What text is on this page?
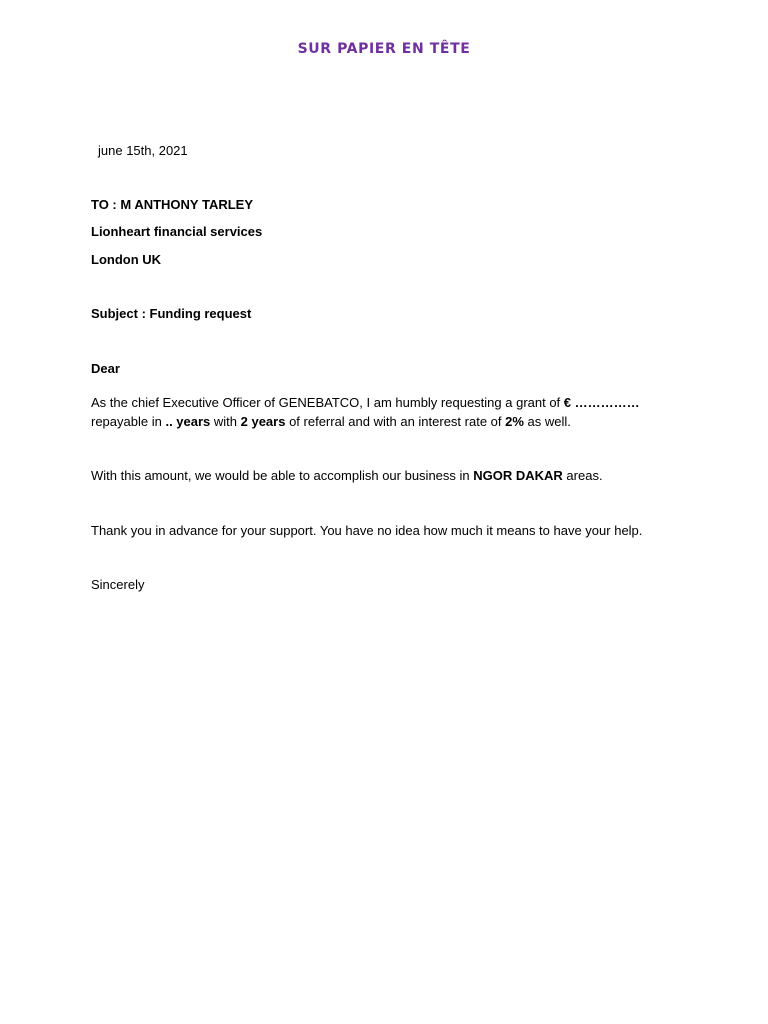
SUR PAPIER EN TÊTE
june 15th, 2021
TO : M ANTHONY TARLEY
Lionheart financial services
London UK
Subject : Funding request
Dear
As the chief Executive Officer of GENEBATCO, I am humbly requesting a grant of € ……………
repayable in .. years with 2 years of referral and with an interest rate of 2% as well.
With this amount, we would be able to accomplish our business in NGOR DAKAR areas.
Thank you in advance for your support. You have no idea how much it means to have your help.
Sincerely
